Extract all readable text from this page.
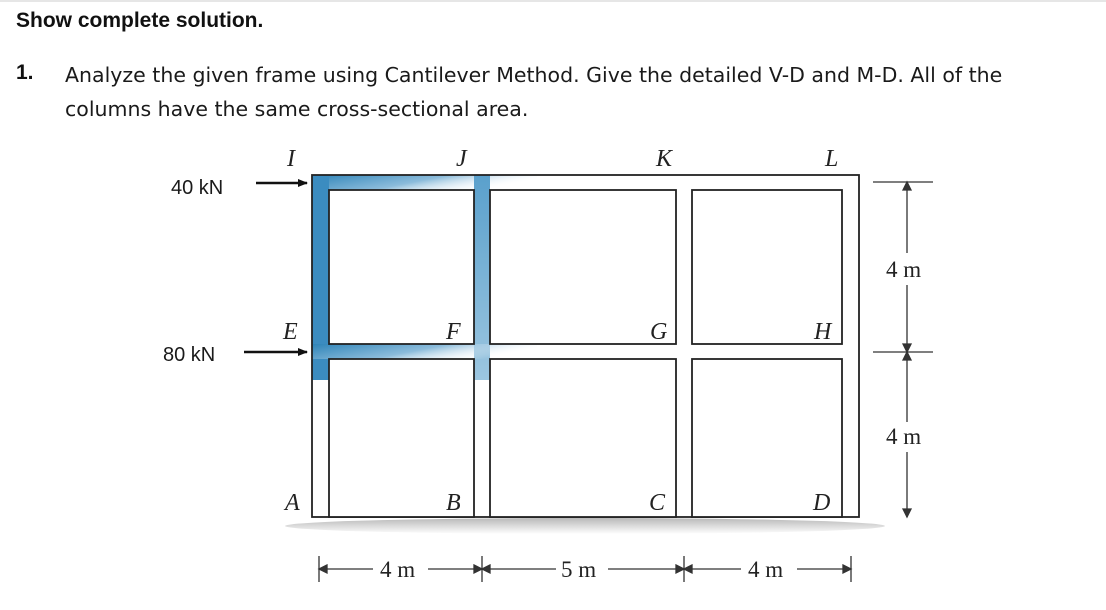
Show complete solution.
1. Analyze the given frame using Cantilever Method. Give the detailed V-D and M-D. All of the
columns have the same cross-sectional area.
I	J	K	L
E	F	G	H
A	B	C	D
40 kN
80 kN
4 m
4 m
4 m	5 m	4 m
